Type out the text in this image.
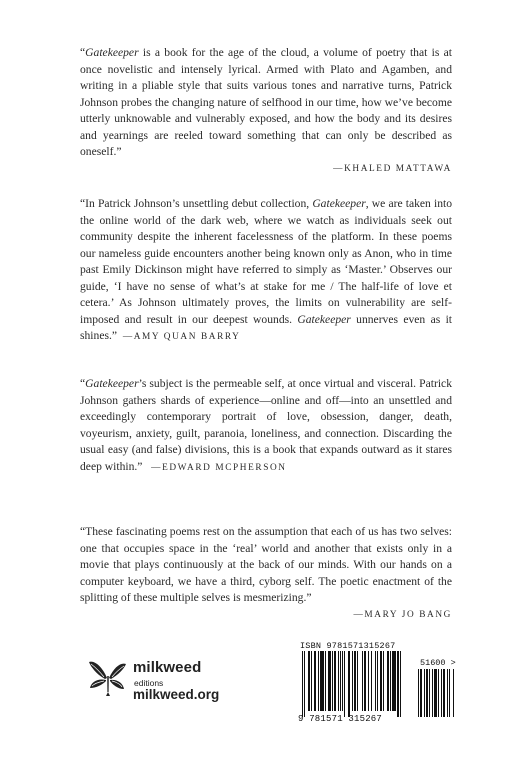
“Gatekeeper is a book for the age of the cloud, a volume of poetry that is at once novelistic and intensely lyrical. Armed with Plato and Agamben, and writing in a pliable style that suits various tones and narrative turns, Patrick Johnson probes the changing nature of selfhood in our time, how we’ve become utterly unknowable and vulnerably exposed, and how the body and its desires and yearnings are reeled toward something that can only be described as oneself.”

—KHALED MATTAWA

“In Patrick Johnson’s unsettling debut collection, Gatekeeper, we are taken into the online world of the dark web, where we watch as individuals seek out community despite the inherent facelessness of the platform. In these poems our nameless guide encounters another being known only as Anon, who in time past Emily Dickinson might have referred to simply as ‘Master.’ Observes our guide, ‘I have no sense of what’s at stake for me / The half-life of love et cetera.’ As Johnson ultimately proves, the limits on vulnerability are self-imposed and result in our deepest wounds. Gatekeeper unnerves even as it shines.” —AMY QUAN BARRY

“Gatekeeper’s subject is the permeable self, at once virtual and visceral. Patrick Johnson gathers shards of experience—online and off—into an unsettled and exceedingly contemporary portrait of love, obsession, danger, death, voyeurism, anxiety, guilt, paranoia, loneliness, and connection. Discarding the usual easy (and false) divisions, this is a book that expands outward as it stares deep within.” —EDWARD MCPHERSON

“These fascinating poems rest on the assumption that each of us has two selves: one that occupies space in the ‘real’ world and another that exists only in a movie that plays continuously at the back of our minds. With our hands on a computer keyboard, we have a third, cyborg self. The poetic enactment of the splitting of these multiple selves is mesmerizing.”

—MARY JO BANG
milkweed
editions
milkweed.org
ISBN 9781571315267
51600 >
9 781571 315267
